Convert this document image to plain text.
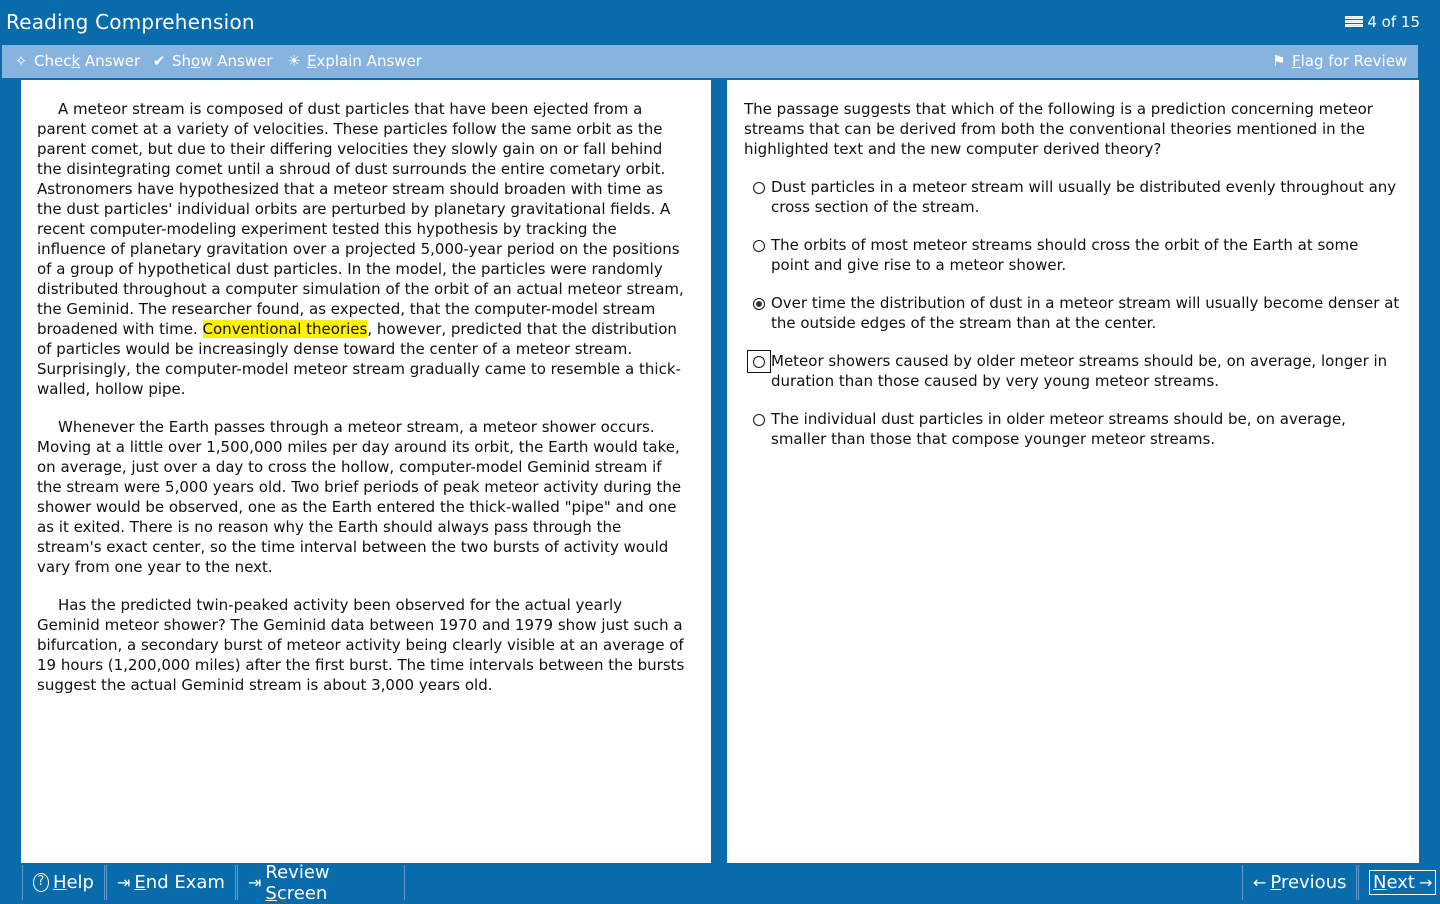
Reading Comprehension	4 of 15
✧ Check Answer ✔ Show Answer ☀ Explain Answer	⚑ Flag for Review

A meteor stream is composed of dust particles that have been ejected from a parent comet at a variety of velocities. These particles follow the same orbit as the parent comet, but due to their differing velocities they slowly gain on or fall behind the disintegrating comet until a shroud of dust surrounds the entire cometary orbit. Astronomers have hypothesized that a meteor stream should broaden with time as the dust particles' individual orbits are perturbed by planetary gravitational fields. A recent computer-modeling experiment tested this hypothesis by tracking the influence of planetary gravitation over a projected 5,000-year period on the positions of a group of hypothetical dust particles. In the model, the particles were randomly distributed throughout a computer simulation of the orbit of an actual meteor stream, the Geminid. The researcher found, as expected, that the computer-model stream broadened with time. Conventional theories, however, predicted that the distribution of particles would be increasingly dense toward the center of a meteor stream. Surprisingly, the computer-model meteor stream gradually came to resemble a thick-walled, hollow pipe.

Whenever the Earth passes through a meteor stream, a meteor shower occurs. Moving at a little over 1,500,000 miles per day around its orbit, the Earth would take, on average, just over a day to cross the hollow, computer-model Geminid stream if the stream were 5,000 years old. Two brief periods of peak meteor activity during the shower would be observed, one as the Earth entered the thick-walled "pipe" and one as it exited. There is no reason why the Earth should always pass through the stream's exact center, so the time interval between the two bursts of activity would vary from one year to the next.

Has the predicted twin-peaked activity been observed for the actual yearly Geminid meteor shower? The Geminid data between 1970 and 1979 show just such a bifurcation, a secondary burst of meteor activity being clearly visible at an average of 19 hours (1,200,000 miles) after the first burst. The time intervals between the bursts suggest the actual Geminid stream is about 3,000 years old.

The passage suggests that which of the following is a prediction concerning meteor streams that can be derived from both the conventional theories mentioned in the highlighted text and the new computer derived theory?
Dust particles in a meteor stream will usually be distributed evenly throughout any cross section of the stream.
The orbits of most meteor streams should cross the orbit of the Earth at some point and give rise to a meteor shower.
Over time the distribution of dust in a meteor stream will usually become denser at the outside edges of the stream than at the center.
Meteor showers caused by older meteor streams should be, on average, longer in duration than those caused by very young meteor streams.
The individual dust particles in older meteor streams should be, on average, smaller than those that compose younger meteor streams.
? Help ⇥ End Exam ⇥ Review Screen	← Previous Next →
